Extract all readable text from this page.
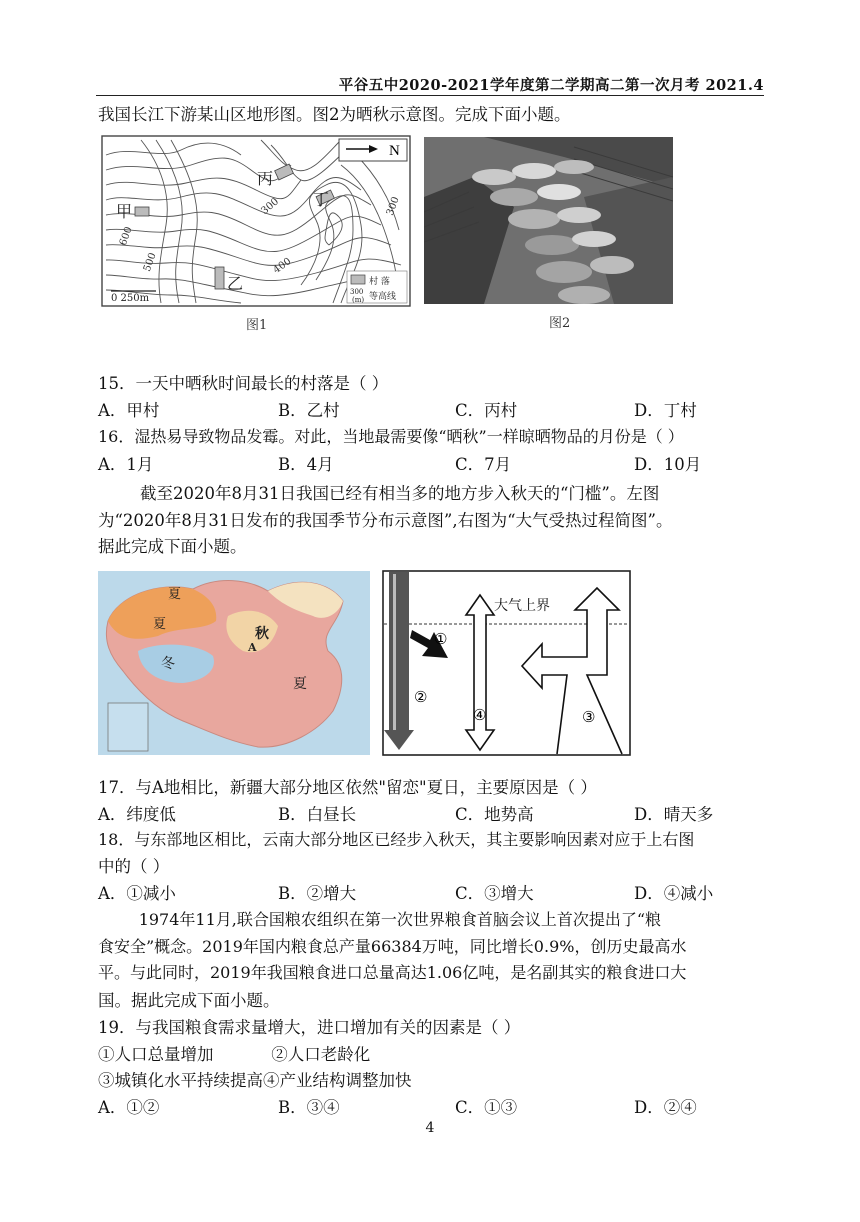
平谷五中2020-2021学年度第二学期高二第一次月考 2021.4
我国长江下游某山区地形图。图2为晒秋示意图。完成下面小题。
N
甲
乙
丙
丁
600
500	400
300	300
0 250m
村 落
300
(m) 等高线
图1	图2
15．一天中晒秋时间最长的村落是（ ）
A．甲村	B．乙村	C．丙村	D．丁村
16．湿热易导致物品发霉。对此，当地最需要像“晒秋”一样晾晒物品的月份是（ ）
A．1月	B．4月	C．7月	D．10月
截至2020年8月31日我国已经有相当多的地方步入秋天的“门槛”。左图
为“2020年8月31日发布的我国季节分布示意图”,右图为“大气受热过程简图”。
据此完成下面小题。
夏
夏
秋
A
冬
夏
大气上界
①
②
④	③
17．与A地相比，新疆大部分地区依然"留恋"夏日，主要原因是（ ）
A．纬度低	B．白昼长	C．地势高	D．晴天多
18．与东部地区相比，云南大部分地区已经步入秋天，其主要影响因素对应于上右图
中的（ ）
A．①减小	B．②增大	C．③增大	D．④减小
1974年11月,联合国粮农组织在第一次世界粮食首脑会议上首次提出了“粮
食安全”概念。2019年国内粮食总产量66384万吨，同比增长0.9%，创历史最高水
平。与此同时，2019年我国粮食进口总量高达1.06亿吨，是名副其实的粮食进口大
国。据此完成下面小题。
19．与我国粮食需求量增大，进口增加有关的因素是（ ）
①人口总量增加           ②人口老龄化
③城镇化水平持续提高④产业结构调整加快
A．①②	B．③④	C．①③	D．②④
4
